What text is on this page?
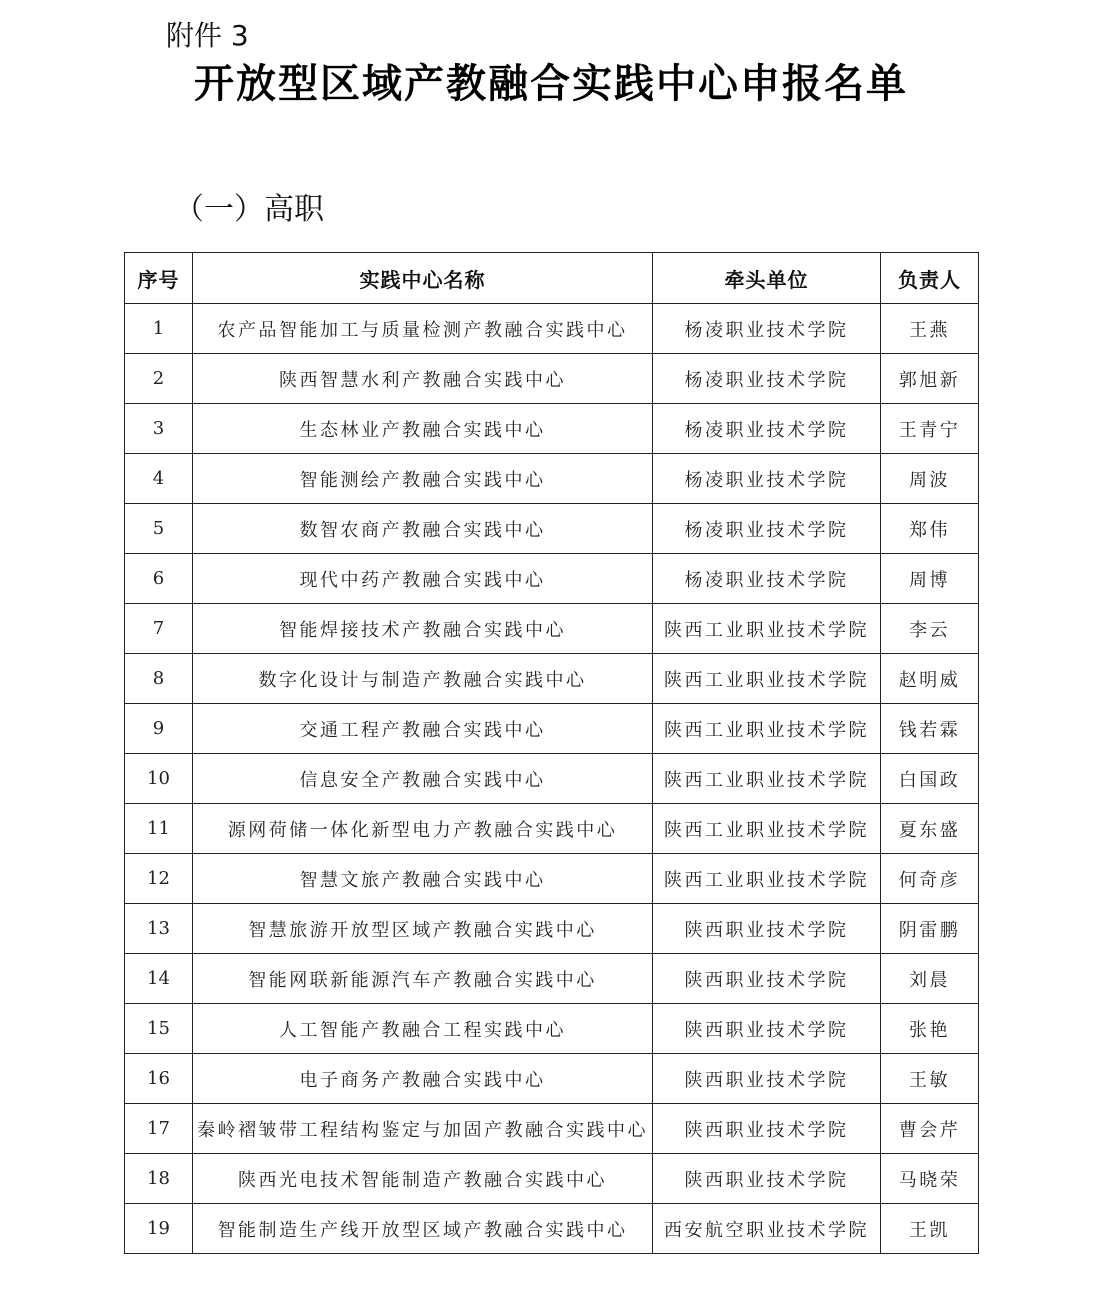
附件 3
开放型区域产教融合实践中心申报名单
（一）高职
序号	实践中心名称	牵头单位	负责人
1	农产品智能加工与质量检测产教融合实践中心	杨凌职业技术学院	王燕
2	陕西智慧水利产教融合实践中心	杨凌职业技术学院	郭旭新
3	生态林业产教融合实践中心	杨凌职业技术学院	王青宁
4	智能测绘产教融合实践中心	杨凌职业技术学院	周波
5	数智农商产教融合实践中心	杨凌职业技术学院	郑伟
6	现代中药产教融合实践中心	杨凌职业技术学院	周博
7	智能焊接技术产教融合实践中心	陕西工业职业技术学院	李云
8	数字化设计与制造产教融合实践中心	陕西工业职业技术学院	赵明威
9	交通工程产教融合实践中心	陕西工业职业技术学院	钱若霖
10	信息安全产教融合实践中心	陕西工业职业技术学院	白国政
11	源网荷储一体化新型电力产教融合实践中心	陕西工业职业技术学院	夏东盛
12	智慧文旅产教融合实践中心	陕西工业职业技术学院	何奇彦
13	智慧旅游开放型区域产教融合实践中心	陕西职业技术学院	阴雷鹏
14	智能网联新能源汽车产教融合实践中心	陕西职业技术学院	刘晨
15	人工智能产教融合工程实践中心	陕西职业技术学院	张艳
16	电子商务产教融合实践中心	陕西职业技术学院	王敏
17	秦岭褶皱带工程结构鉴定与加固产教融合实践中心	陕西职业技术学院	曹会芹
18	陕西光电技术智能制造产教融合实践中心	陕西职业技术学院	马晓荣
19	智能制造生产线开放型区域产教融合实践中心	西安航空职业技术学院	王凯
